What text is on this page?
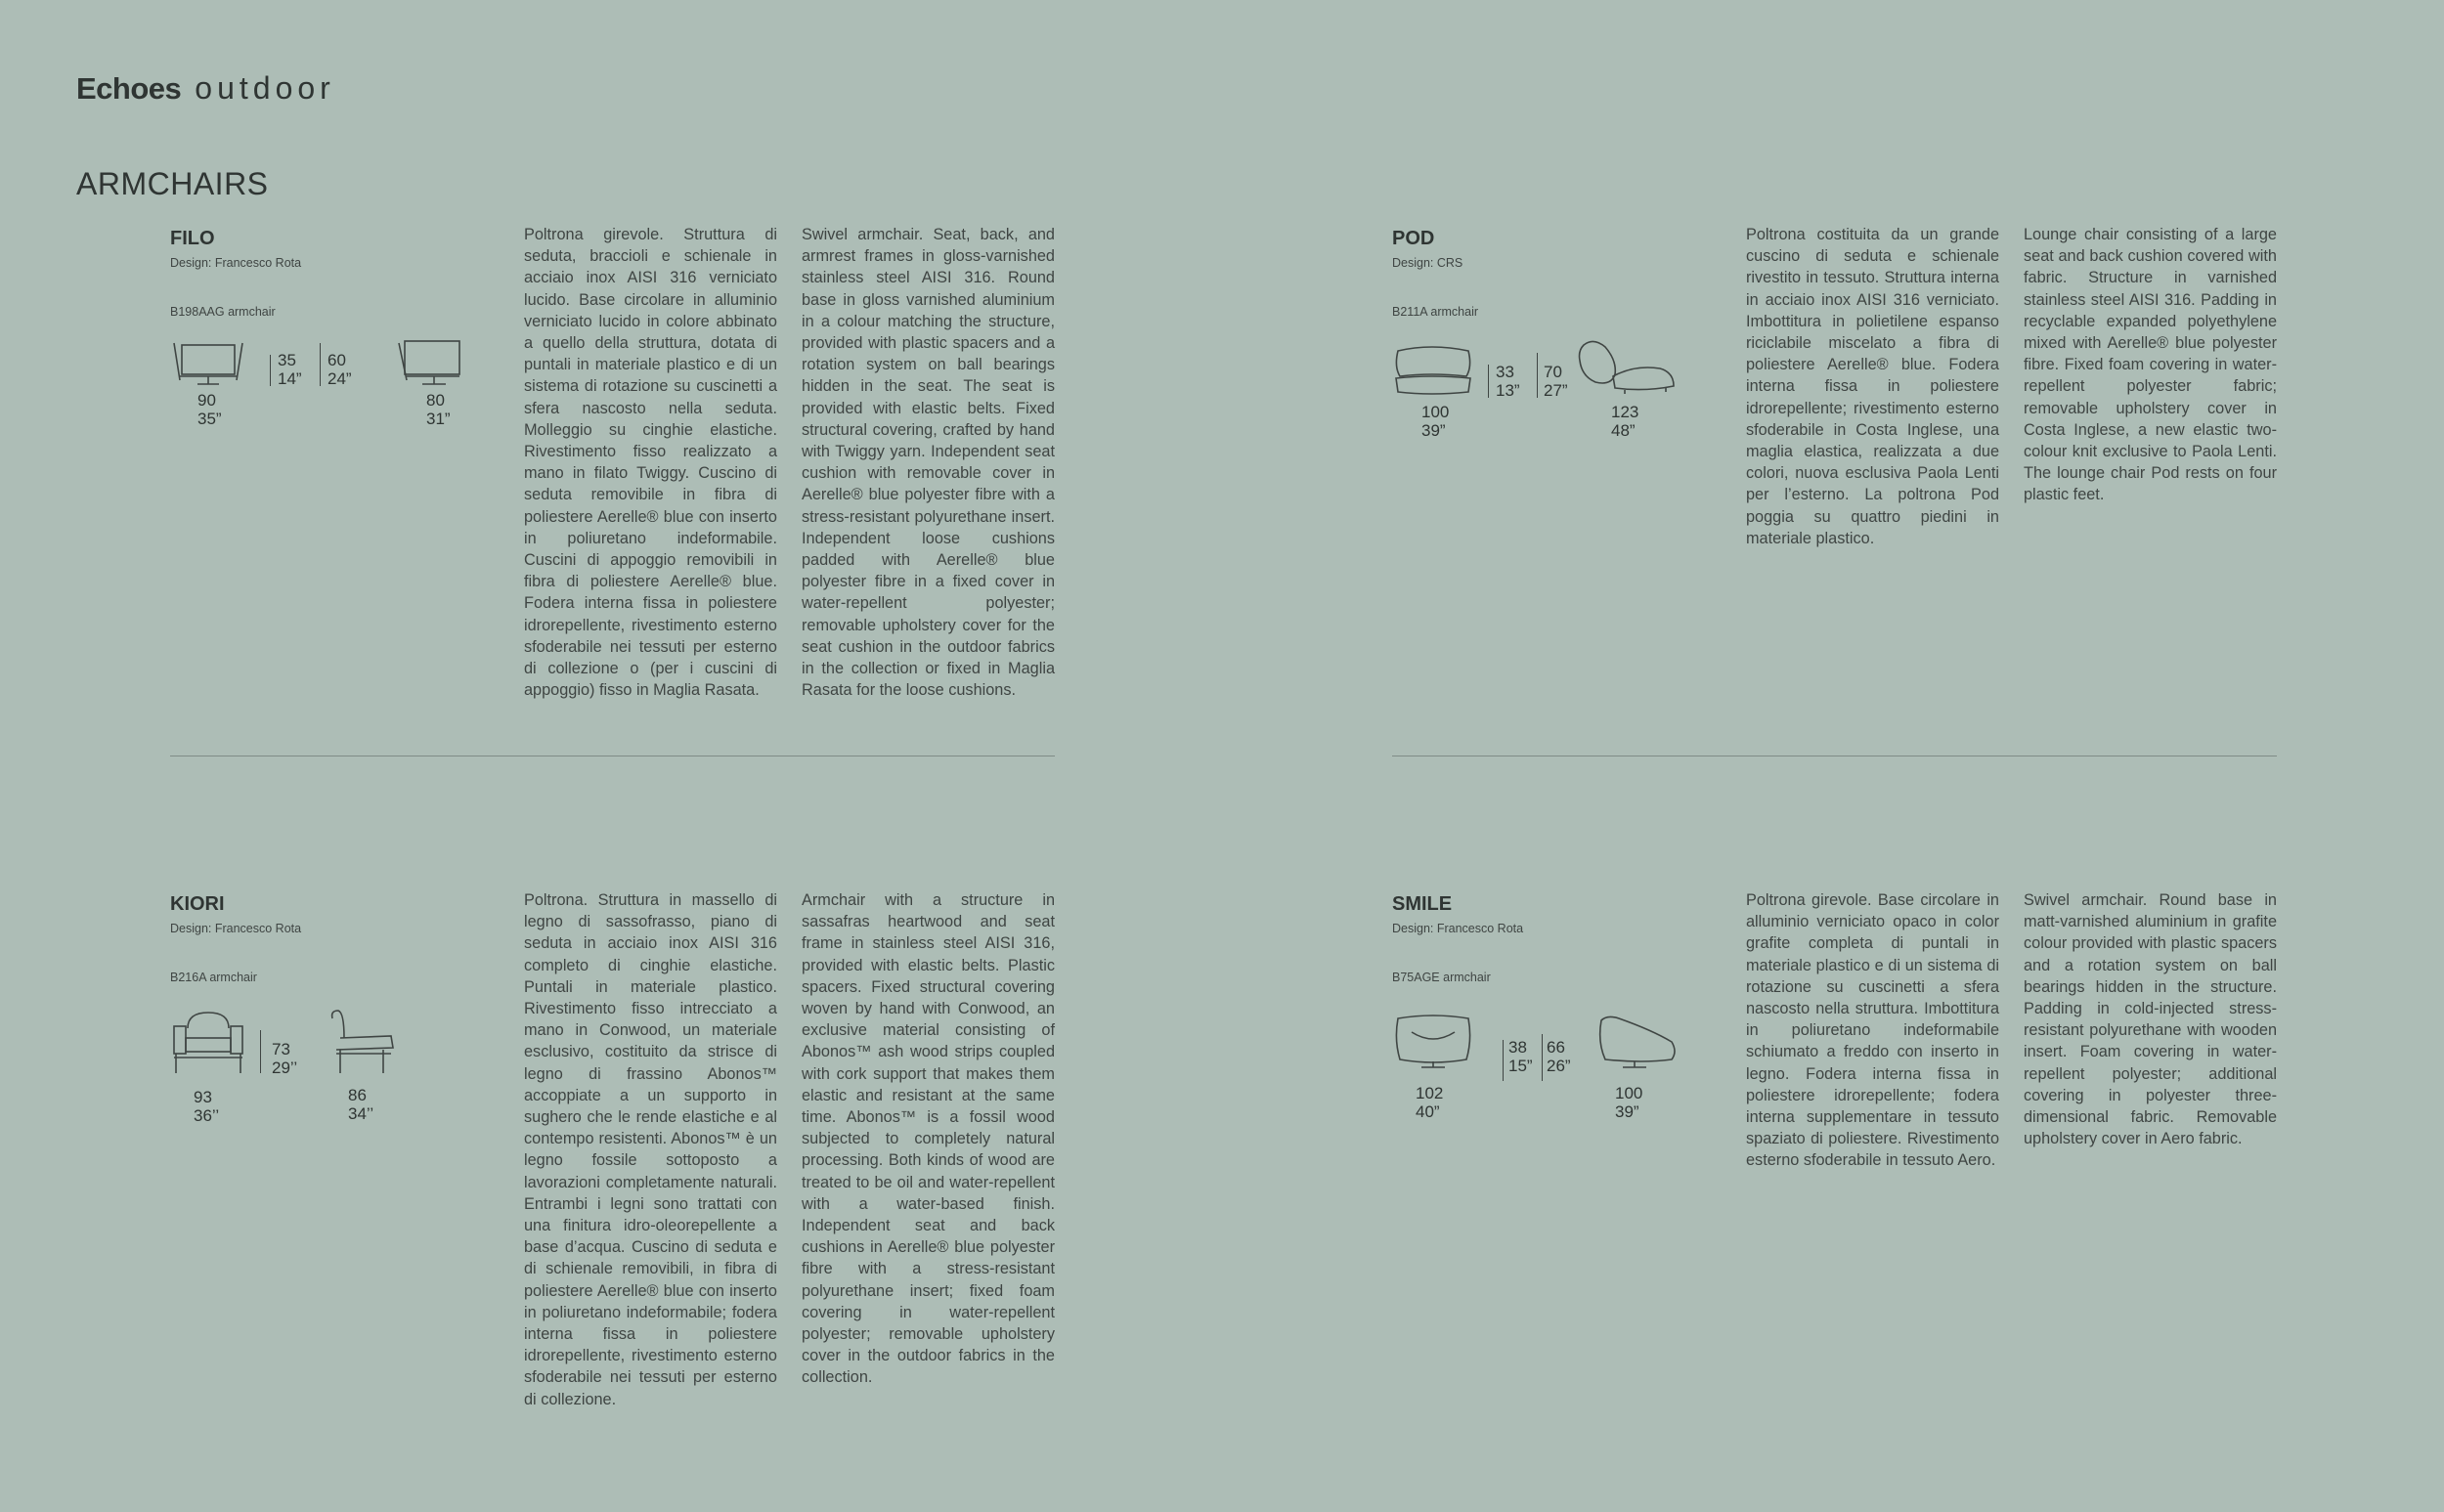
Echoes outdoor
ARMCHAIRS
FILO
Design: Francesco Rota
B198AAG armchair
90
35”
35
14”
60
24”
80
31”
Poltrona girevole. Struttura di seduta, braccioli e schienale in acciaio inox AISI 316 verniciato lucido. Base circolare in alluminio verniciato lucido in colore abbinato a quello della struttura, dotata di puntali in materiale plastico e di un sistema di rotazione su cuscinetti a sfera nascosto nella seduta. Molleggio su cinghie elastiche. Rivestimento fisso realizzato a mano in filato Twiggy. Cuscino di seduta removibile in fibra di poliestere Aerelle® blue con inserto in poliuretano indeformabile. Cuscini di appoggio removibili in fibra di poliestere Aerelle® blue. Fodera interna fissa in poliestere idrorepellente, rivestimento esterno sfoderabile nei tessuti per esterno di collezione o (per i cuscini di appoggio) fisso in Maglia Rasata.
Swivel armchair. Seat, back, and armrest frames in gloss-varnished stainless steel AISI 316. Round base in gloss varnished aluminium in a colour matching the structure, provided with plastic spacers and a rotation system on ball bearings hidden in the seat. The seat is provided with elastic belts. Fixed structural covering, crafted by hand with Twiggy yarn. Independent seat cushion with removable cover in Aerelle® blue polyester fibre with a stress-resistant polyurethane insert. Independent loose cushions padded with Aerelle® blue polyester fibre in a fixed cover in water-repellent polyester; removable upholstery cover for the seat cushion in the outdoor fabrics in the collection or fixed in Maglia Rasata for the loose cushions.
POD
Design: CRS
B211A armchair
100
39”
33
13”
70
27”
123
48”
Poltrona costituita da un grande cuscino di seduta e schienale rivestito in tessuto. Struttura interna in acciaio inox AISI 316 verniciato. Imbottitura in polietilene espanso riciclabile miscelato a fibra di poliestere Aerelle® blue. Fodera interna fissa in poliestere idrorepellente; rivestimento esterno sfoderabile in Costa Inglese, una maglia elastica, realizzata a due colori, nuova esclusiva Paola Lenti per l’esterno. La poltrona Pod poggia su quattro piedini in materiale plastico.
Lounge chair consisting of a large seat and back cushion covered with fabric. Structure in varnished stainless steel AISI 316. Padding in recyclable expanded polyethylene mixed with Aerelle® blue polyester fibre. Fixed foam covering in water-repellent polyester fabric; removable upholstery cover in Costa Inglese, a new elastic two-colour knit exclusive to Paola Lenti. The lounge chair Pod rests on four plastic feet.
KIORI
Design: Francesco Rota
B216A armchair
93
36’’
73
29’’
86
34’’
Poltrona. Struttura in massello di legno di sassofrasso, piano di seduta in acciaio inox AISI 316 completo di cinghie elastiche. Puntali in materiale plastico. Rivestimento fisso intrecciato a mano in Conwood, un materiale esclusivo, costituito da strisce di legno di frassino Abonos™ accoppiate a un supporto in sughero che le rende elastiche e al contempo resistenti. Abonos™ è un legno fossile sottoposto a lavorazioni completamente naturali. Entrambi i legni sono trattati con una finitura idro-oleorepellente a base d’acqua. Cuscino di seduta e di schienale removibili, in fibra di poliestere Aerelle® blue con inserto in poliuretano indeformabile; fodera interna fissa in poliestere idrorepellente, rivestimento esterno sfoderabile nei tessuti per esterno di collezione.
Armchair with a structure in sassafras heartwood and seat frame in stainless steel AISI 316, provided with elastic belts. Plastic spacers. Fixed structural covering woven by hand with Conwood, an exclusive material consisting of Abonos™ ash wood strips coupled with cork support that makes them elastic and resistant at the same time. Abonos™ is a fossil wood subjected to completely natural processing. Both kinds of wood are treated to be oil and water-repellent with a water-based finish. Independent seat and back cushions in Aerelle® blue polyester fibre with a stress-resistant polyurethane insert; fixed foam covering in water-repellent polyester; removable upholstery cover in the outdoor fabrics in the collection.
SMILE
Design: Francesco Rota
B75AGE armchair
102
40”
38
15”
66
26”
100
39”
Poltrona girevole. Base circolare in alluminio verniciato opaco in color grafite completa di puntali in materiale plastico e di un sistema di rotazione su cuscinetti a sfera nascosto nella struttura. Imbottitura in poliuretano indeformabile schiumato a freddo con inserto in legno. Fodera interna fissa in poliestere idrorepellente; fodera interna supplementare in tessuto spaziato di poliestere. Rivestimento esterno sfoderabile in tessuto Aero.
Swivel armchair. Round base in matt-varnished aluminium in grafite colour provided with plastic spacers and a rotation system on ball bearings hidden in the structure. Padding in cold-injected stress-resistant polyurethane with wooden insert. Foam covering in water-repellent polyester; additional covering in polyester three-dimensional fabric. Removable upholstery cover in Aero fabric.
